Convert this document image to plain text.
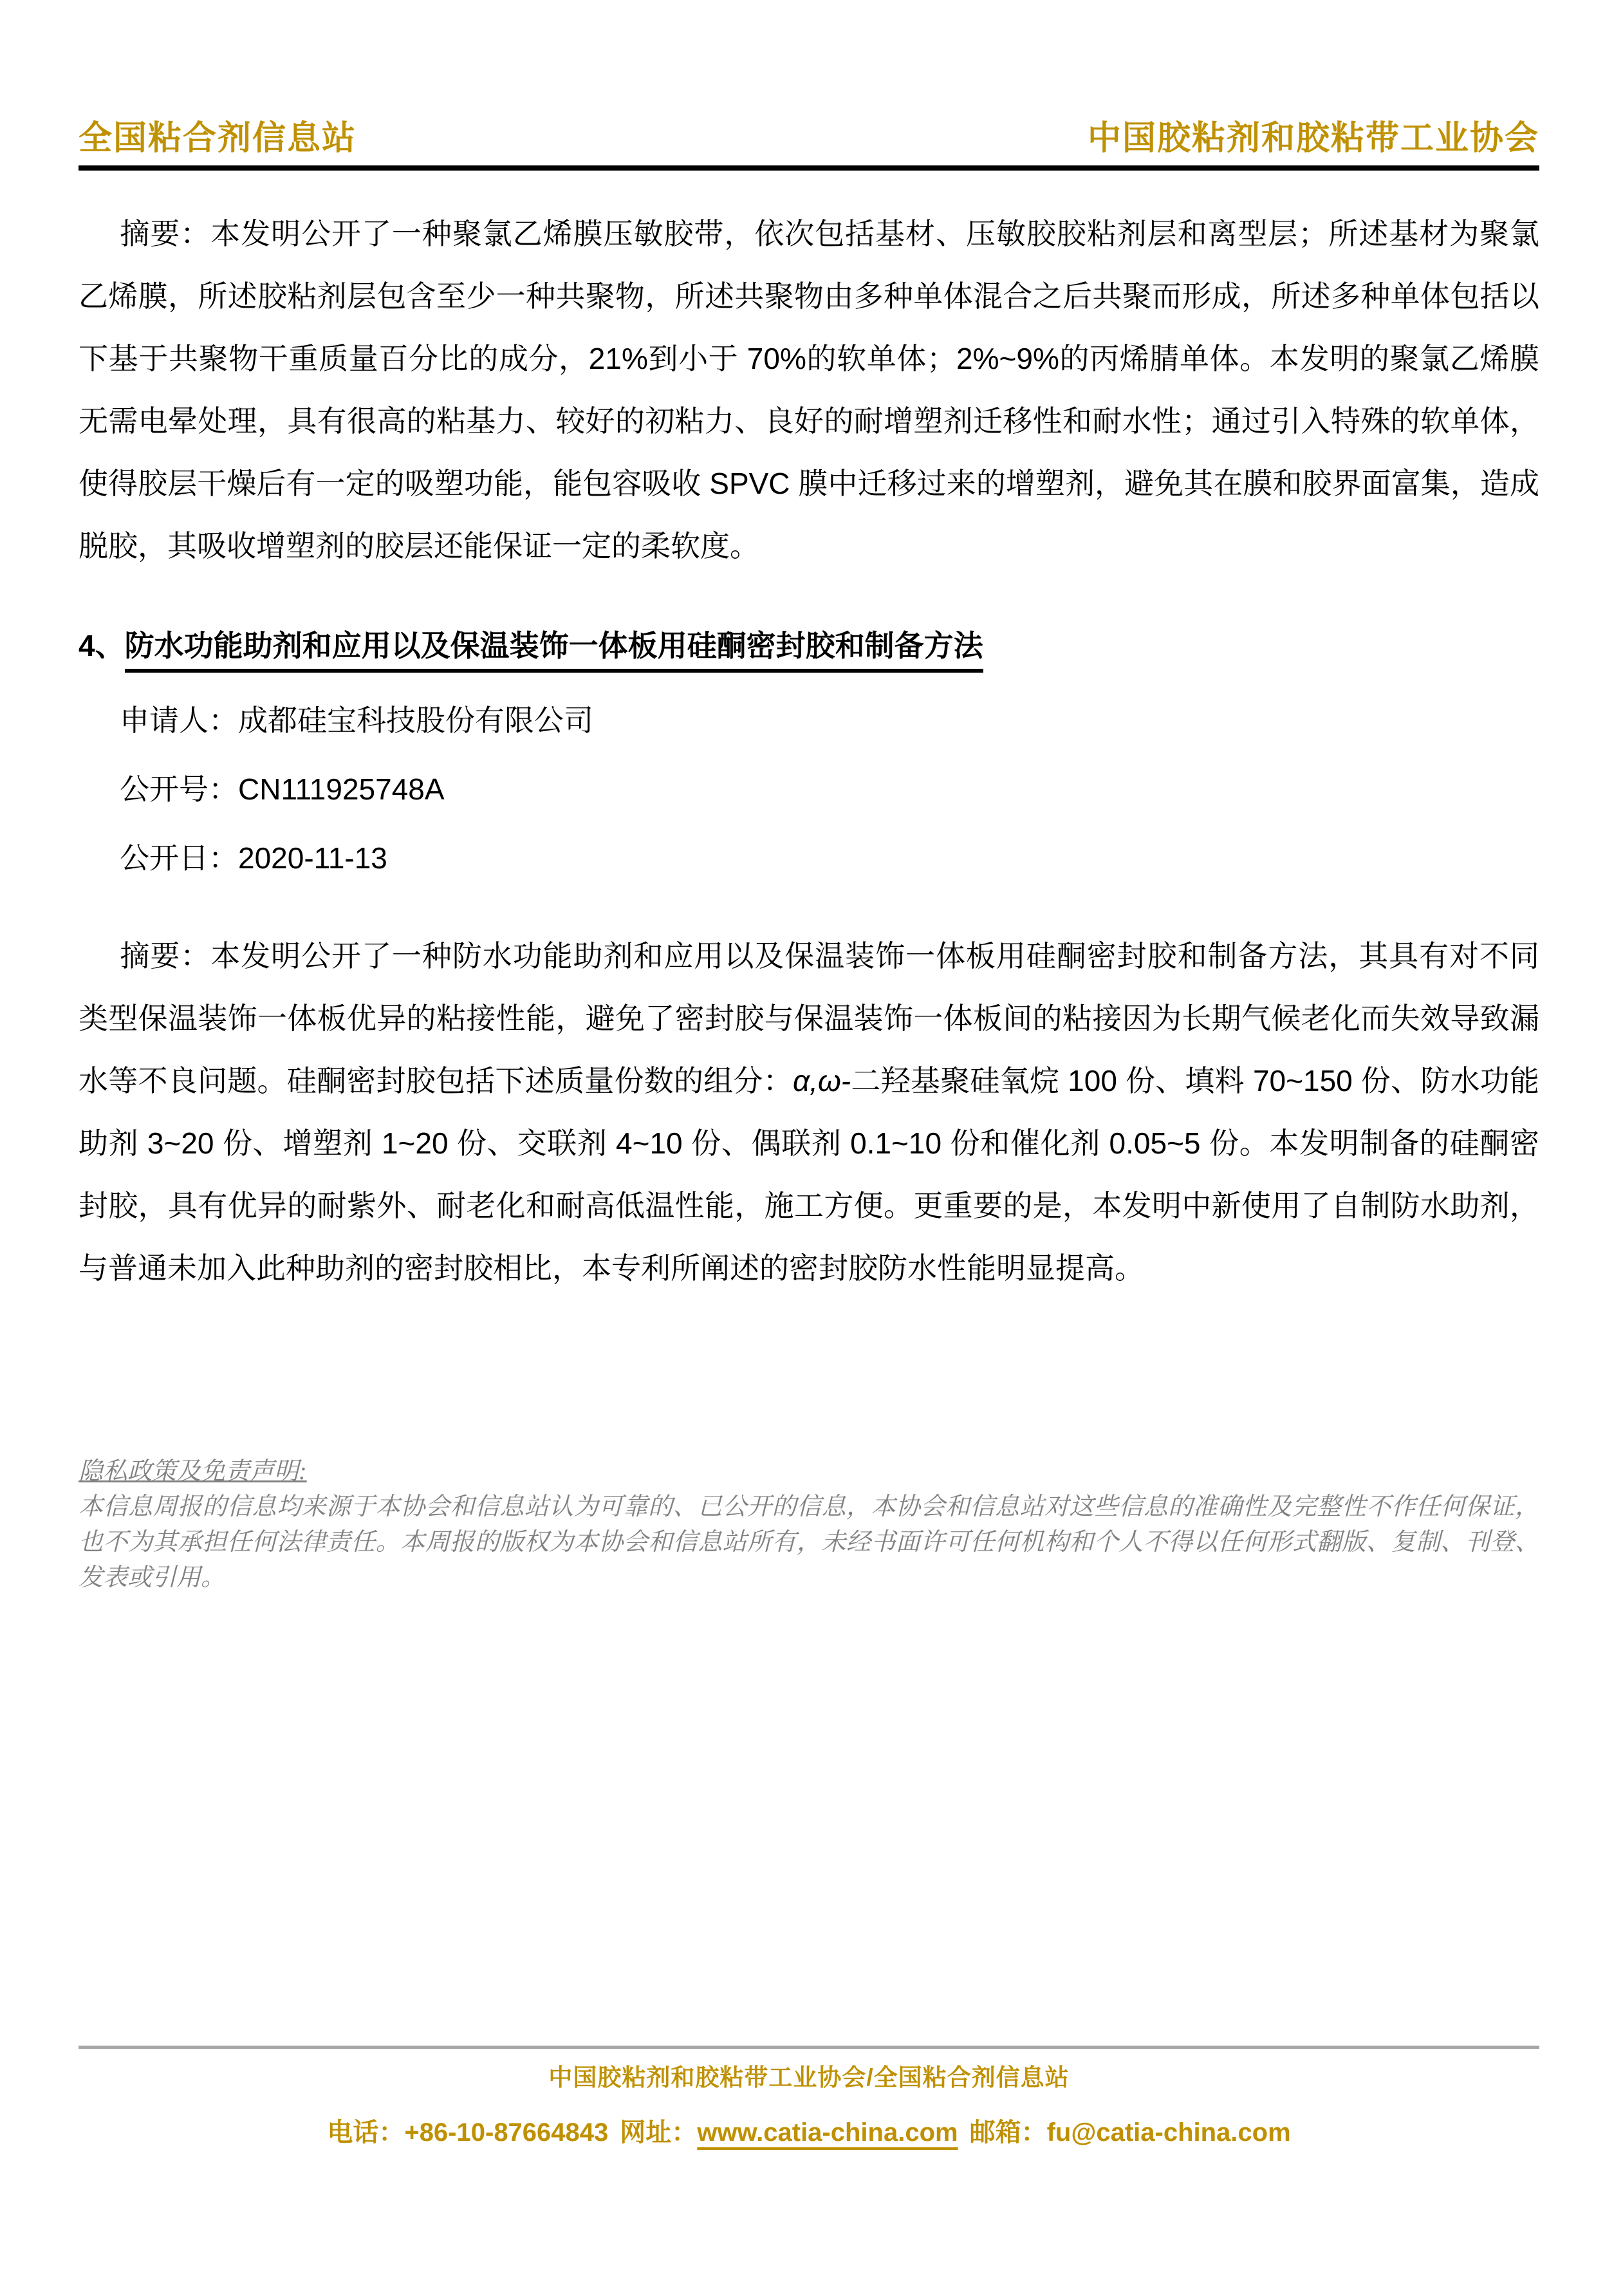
全国粘合剂信息站	中国胶粘剂和胶粘带工业协会

摘要：本发明公开了一种聚氯乙烯膜压敏胶带，依次包括基材、压敏胶胶粘剂层和离型层；所述基材为聚氯乙烯膜，所述胶粘剂层包含至少一种共聚物，所述共聚物由多种单体混合之后共聚而形成，所述多种单体包括以下基于共聚物干重质量百分比的成分，21%到小于 70%的软单体；2%~9%的丙烯腈单体。本发明的聚氯乙烯膜无需电晕处理，具有很高的粘基力、较好的初粘力、良好的耐增塑剂迁移性和耐水性；通过引入特殊的软单体，使得胶层干燥后有一定的吸塑功能，能包容吸收 SPVC 膜中迁移过来的增塑剂，避免其在膜和胶界面富集，造成脱胶，其吸收增塑剂的胶层还能保证一定的柔软度。

4、防水功能助剂和应用以及保温装饰一体板用硅酮密封胶和制备方法

申请人：成都硅宝科技股份有限公司

公开号：CN111925748A

公开日：2020-11-13

摘要：本发明公开了一种防水功能助剂和应用以及保温装饰一体板用硅酮密封胶和制备方法，其具有对不同类型保温装饰一体板优异的粘接性能，避免了密封胶与保温装饰一体板间的粘接因为长期气候老化而失效导致漏水等不良问题。硅酮密封胶包括下述质量份数的组分：α,ω-二羟基聚硅氧烷 100 份、填料 70~150 份、防水功能助剂 3~20 份、增塑剂 1~20 份、交联剂 4~10 份、偶联剂 0.1~10 份和催化剂 0.05~5 份。本发明制备的硅酮密封胶，具有优异的耐紫外、耐老化和耐高低温性能，施工方便。更重要的是，本发明中新使用了自制防水助剂，与普通未加入此种助剂的密封胶相比，本专利所阐述的密封胶防水性能明显提高。

隐私政策及免责声明:

本信息周报的信息均来源于本协会和信息站认为可靠的、已公开的信息，本协会和信息站对这些信息的准确性及完整性不作任何保证，也不为其承担任何法律责任。本周报的版权为本协会和信息站所有，未经书面许可任何机构和个人不得以任何形式翻版、复制、刊登、发表或引用。

中国胶粘剂和胶粘带工业协会/全国粘合剂信息站
电话：+86-10-87664843 网址：www.catia-china.com 邮箱：fu@catia-china.com
